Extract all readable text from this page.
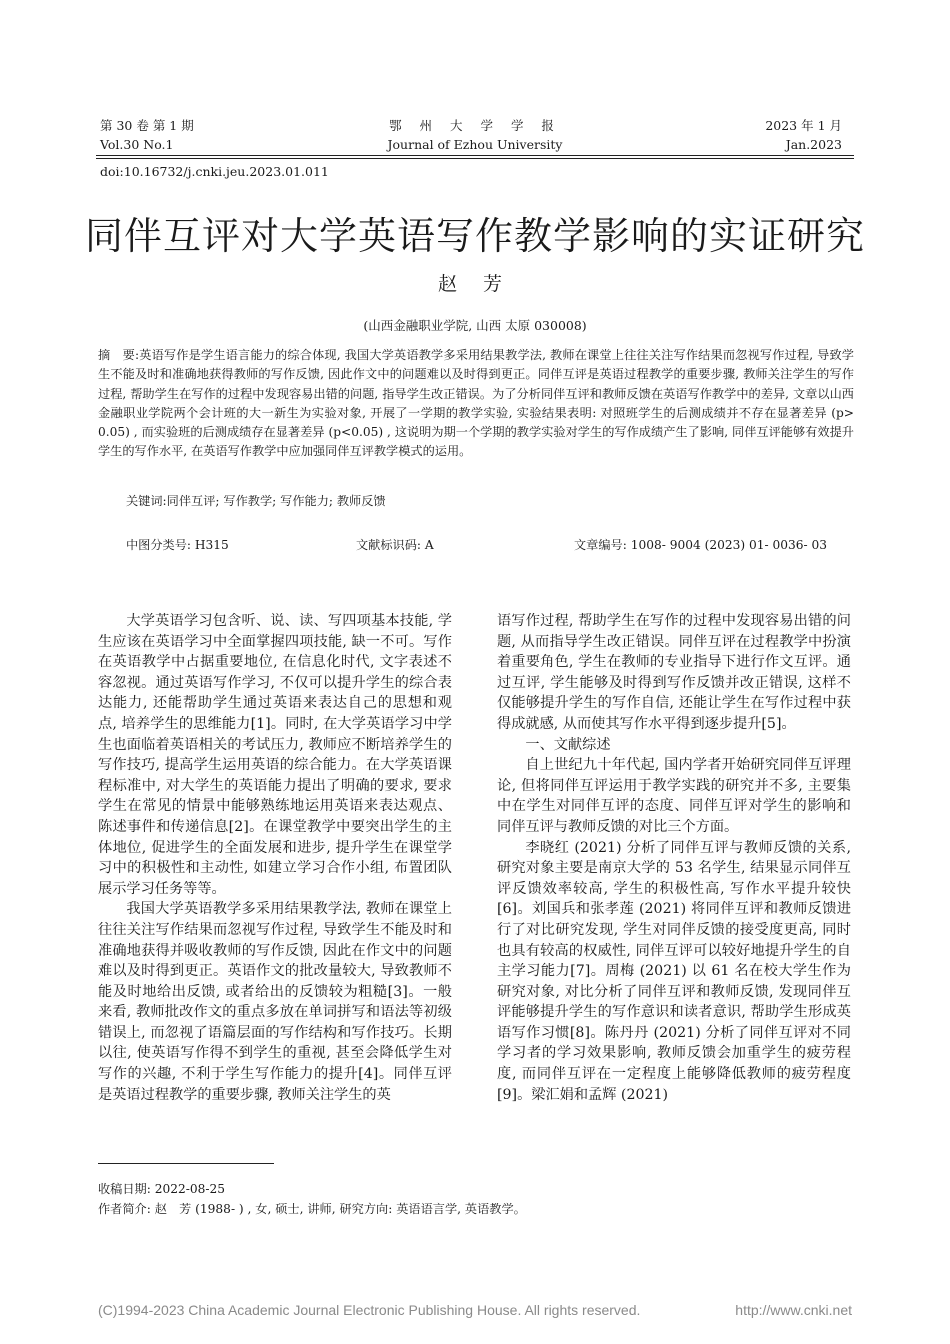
第 30 卷 第 1 期
Vol.30 No.1
鄂 州 大 学 学 报
Journal of Ezhou University
2023 年 1 月
Jan.2023
doi:10.16732/j.cnki.jeu.2023.01.011
同伴互评对大学英语写作教学影响的实证研究
赵 芳
(山西金融职业学院, 山西 太原 030008)
摘　要:英语写作是学生语言能力的综合体现, 我国大学英语教学多采用结果教学法, 教师在课堂上往往关注写作结果而忽视写作过程, 导致学生不能及时和准确地获得教师的写作反馈, 因此作文中的问题难以及时得到更正。同伴互评是英语过程教学的重要步骤, 教师关注学生的写作过程, 帮助学生在写作的过程中发现容易出错的问题, 指导学生改正错误。为了分析同伴互评和教师反馈在英语写作教学中的差异, 文章以山西金融职业学院两个会计班的大一新生为实验对象, 开展了一学期的教学实验, 实验结果表明: 对照班学生的后测成绩并不存在显著差异 (p> 0.05) , 而实验班的后测成绩存在显著差异 (p<0.05) , 这说明为期一个学期的教学实验对学生的写作成绩产生了影响, 同伴互评能够有效提升学生的写作水平, 在英语写作教学中应加强同伴互评教学模式的运用。
关键词:同伴互评; 写作教学; 写作能力; 教师反馈
中图分类号: H315	文献标识码: A	文章编号: 1008- 9004 (2023) 01- 0036- 03

大学英语学习包含听、说、读、写四项基本技能, 学生应该在英语学习中全面掌握四项技能, 缺一不可。写作在英语教学中占据重要地位, 在信息化时代, 文字表述不容忽视。通过英语写作学习, 不仅可以提升学生的综合表达能力, 还能帮助学生通过英语来表达自己的思想和观点, 培养学生的思维能力[1]。同时, 在大学英语学习中学生也面临着英语相关的考试压力, 教师应不断培养学生的写作技巧, 提高学生运用英语的综合能力。在大学英语课程标准中, 对大学生的英语能力提出了明确的要求, 要求学生在常见的情景中能够熟练地运用英语来表达观点、陈述事件和传递信息[2]。在课堂教学中要突出学生的主体地位, 促进学生的全面发展和进步, 提升学生在课堂学习中的积极性和主动性, 如建立学习合作小组, 布置团队展示学习任务等等。

我国大学英语教学多采用结果教学法, 教师在课堂上往往关注写作结果而忽视写作过程, 导致学生不能及时和准确地获得并吸收教师的写作反馈, 因此在作文中的问题难以及时得到更正。英语作文的批改量较大, 导致教师不能及时地给出反馈, 或者给出的反馈较为粗糙[3]。一般来看, 教师批改作文的重点多放在单词拼写和语法等初级错误上, 而忽视了语篇层面的写作结构和写作技巧。长期以往, 使英语写作得不到学生的重视, 甚至会降低学生对写作的兴趣, 不利于学生写作能力的提升[4]。同伴互评是英语过程教学的重要步骤, 教师关注学生的英

语写作过程, 帮助学生在写作的过程中发现容易出错的问题, 从而指导学生改正错误。同伴互评在过程教学中扮演着重要角色, 学生在教师的专业指导下进行作文互评。通过互评, 学生能够及时得到写作反馈并改正错误, 这样不仅能够提升学生的写作自信, 还能让学生在写作过程中获得成就感, 从而使其写作水平得到逐步提升[5]。

一、文献综述

自上世纪九十年代起, 国内学者开始研究同伴互评理论, 但将同伴互评运用于教学实践的研究并不多, 主要集中在学生对同伴互评的态度、同伴互评对学生的影响和同伴互评与教师反馈的对比三个方面。

李晓红 (2021) 分析了同伴互评与教师反馈的关系, 研究对象主要是南京大学的 53 名学生, 结果显示同伴互评反馈效率较高, 学生的积极性高, 写作水平提升较快[6]。刘国兵和张孝莲 (2021) 将同伴互评和教师反馈进行了对比研究发现, 学生对同伴反馈的接受度更高, 同时也具有较高的权威性, 同伴互评可以较好地提升学生的自主学习能力[7]。周梅 (2021) 以 61 名在校大学生作为研究对象, 对比分析了同伴互评和教师反馈, 发现同伴互评能够提升学生的写作意识和读者意识, 帮助学生形成英语写作习惯[8]。陈丹丹 (2021) 分析了同伴互评对不同学习者的学习效果影响, 教师反馈会加重学生的疲劳程度, 而同伴互评在一定程度上能够降低教师的疲劳程度[9]。梁汇娟和孟辉 (2021)

收稿日期: 2022-08-25
作者简介: 赵　芳 (1988- ) , 女, 硕士, 讲师, 研究方向: 英语语言学, 英语教学。
(C)1994-2023 China Academic Journal Electronic Publishing House. All rights reserved.	http://www.cnki.net
